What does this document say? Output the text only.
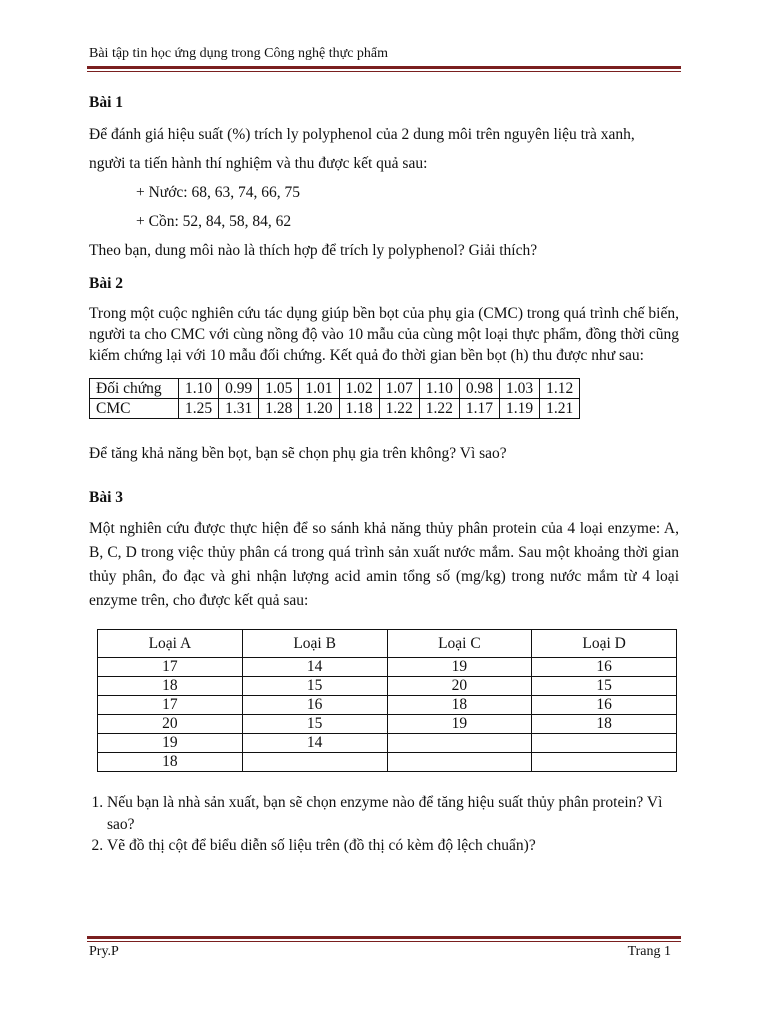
Bài tập tin học ứng dụng trong Công nghệ thực phẩm

Bài 1

Để đánh giá hiệu suất (%) trích ly polyphenol của 2 dung môi trên nguyên liệu trà xanh,

người ta tiến hành thí nghiệm và thu được kết quả sau:

+ Nước: 68, 63, 74, 66, 75

+ Cồn: 52, 84, 58, 84, 62

Theo bạn, dung môi nào là thích hợp để trích ly polyphenol? Giải thích?

Bài 2

Trong một cuộc nghiên cứu tác dụng giúp bền bọt của phụ gia (CMC) trong quá trình chế biến, người ta cho CMC với cùng nồng độ vào 10 mẫu của cùng một loại thực phẩm, đồng thời cũng kiếm chứng lại với 10 mẫu đối chứng. Kết quả đo thời gian bền bọt (h) thu được như sau:

Đối chứng	1.10	0.99	1.05	1.01	1.02	1.07	1.10	0.98	1.03	1.12
CMC	1.25	1.31	1.28	1.20	1.18	1.22	1.22	1.17	1.19	1.21

Để tăng khả năng bền bọt, bạn sẽ chọn phụ gia trên không? Vì sao?

Bài 3

Một nghiên cứu được thực hiện để so sánh khả năng thủy phân protein của 4 loại enzyme: A, B, C, D trong việc thủy phân cá trong quá trình sản xuất nước mắm. Sau một khoảng thời gian thủy phân, đo đạc và ghi nhận lượng acid amin tổng số (mg/kg) trong nước mắm từ 4 loại enzyme trên, cho được kết quả sau:

Loại A	Loại B	Loại C	Loại D
17	14	19	16
18	15	20	15
17	16	18	16
20	15	19	18
19	14		
18			
1. Nếu bạn là nhà sản xuất, bạn sẽ chọn enzyme nào để tăng hiệu suất thủy phân protein? Vì sao?
2. Vẽ đồ thị cột để biểu diễn số liệu trên (đồ thị có kèm độ lệch chuẩn)?
Pry.P	Trang 1
